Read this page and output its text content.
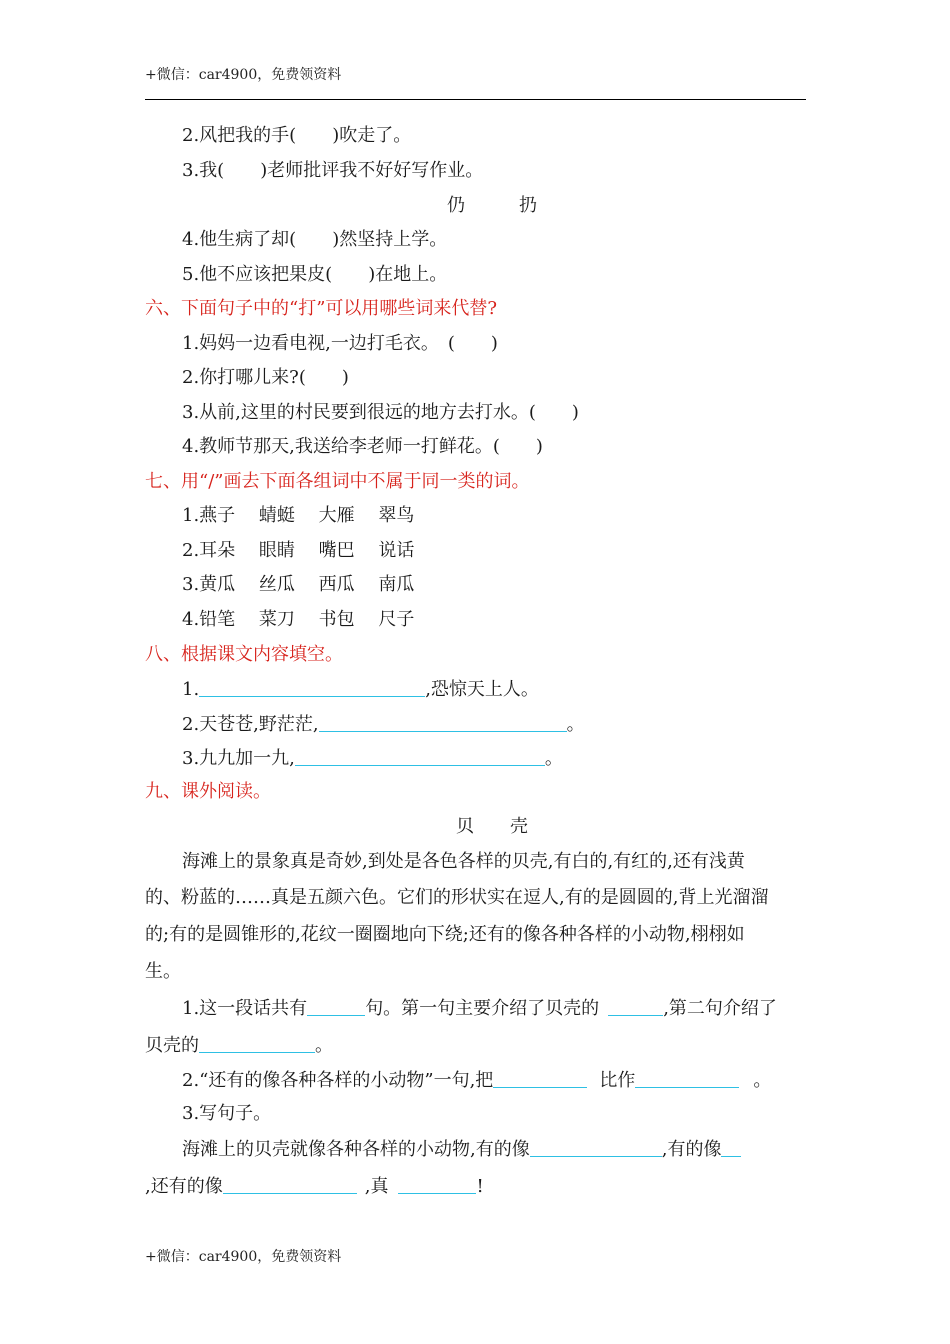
+微信：car4900，免费领资料
2.风把我的手(　　)吹走了。
3.我(　　)老师批评我不好好写作业。
仍　　　扔
4.他生病了却(　　)然坚持上学。
5.他不应该把果皮(　　)在地上。
六、下面句子中的“打”可以用哪些词来代替?
1.妈妈一边看电视,一边打毛衣。　(　　)
2.你打哪儿来?(　　)
3.从前,这里的村民要到很远的地方去打水。(　　)
4.教师节那天,我送给李老师一打鲜花。(　　)
七、用“/”画去下面各组词中不属于同一类的词。
1.燕子　 蜻蜓　 大雁　 翠鸟
2.耳朵　 眼睛　 嘴巴　 说话
3.黄瓜　 丝瓜　 西瓜　 南瓜
4.铅笔　 菜刀　 书包　 尺子
八、根据课文内容填空。
1.	,恐惊天上人。
2.天苍苍,野茫茫,	。
3.九九加一九,	。
九、课外阅读。
贝　　壳
海滩上的景象真是奇妙,到处是各色各样的贝壳,有白的,有红的,还有浅黄
的、粉蓝的……真是五颜六色。它们的形状实在逗人,有的是圆圆的,背上光溜溜
的;有的是圆锥形的,花纹一圈圈地向下绕;还有的像各种各样的小动物,栩栩如
生。
1.这一段话共有	句。第一句主要介绍了贝壳的	,第二句介绍了
贝壳的	。
2.“还有的像各种各样的小动物”一句,把	比作	。
3.写句子。
海滩上的贝壳就像各种各样的小动物,有的像	,有的像
,还有的像	,真	!
+微信：car4900，免费领资料
